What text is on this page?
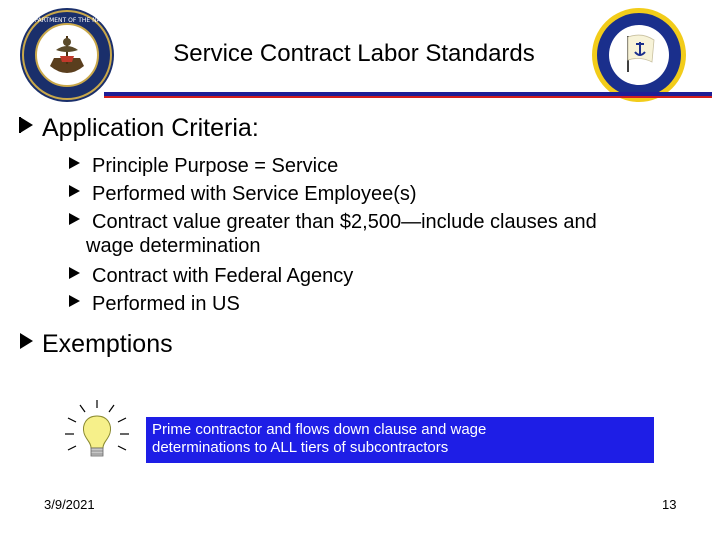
DEPARTMENT OF THE NAVY
Service Contract Labor Standards
Application Criteria:
Principle Purpose = Service
Performed with Service Employee(s)
Contract value greater than $2,500—include clauses and
wage determination
Contract with Federal Agency
Performed in US
Exemptions
Prime contractor and flows down clause and wage
determinations to ALL tiers of subcontractors
3/9/2021	13
